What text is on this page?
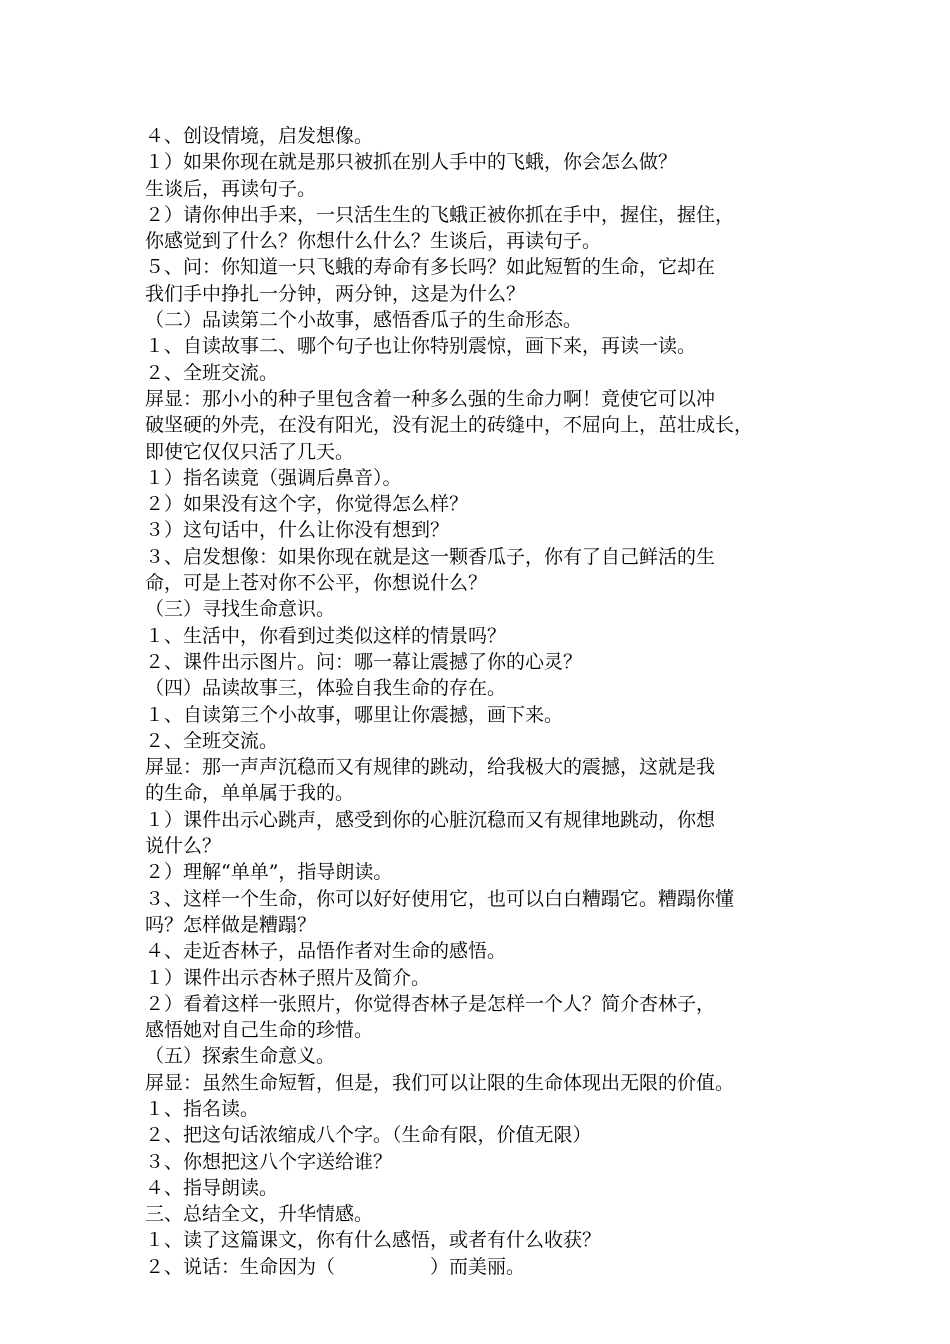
４、创设情境，启发想像。
１）如果你现在就是那只被抓在别人手中的飞蛾，你会怎么做？
生谈后，再读句子。
２）请你伸出手来，一只活生生的飞蛾正被你抓在手中，握住，握住，
你感觉到了什么？你想什么什么？生谈后，再读句子。
５、问：你知道一只飞蛾的寿命有多长吗？如此短暂的生命，它却在
我们手中挣扎一分钟，两分钟，这是为什么？
（二）品读第二个小故事，感悟香瓜子的生命形态。
１、自读故事二、哪个句子也让你特别震惊，画下来，再读一读。
２、全班交流。
屏显：那小小的种子里包含着一种多么强的生命力啊！竟使它可以冲
破坚硬的外壳，在没有阳光，没有泥土的砖缝中，不屈向上，茁壮成长，
即使它仅仅只活了几天。
１）指名读竟（强调后鼻音）。
２）如果没有这个字，你觉得怎么样？
３）这句话中，什么让你没有想到？
３、启发想像：如果你现在就是这一颗香瓜子，你有了自己鲜活的生
命，可是上苍对你不公平，你想说什么？
（三）寻找生命意识。
１、生活中，你看到过类似这样的情景吗？
２、课件出示图片。问：哪一幕让震撼了你的心灵？
（四）品读故事三，体验自我生命的存在。
１、自读第三个小故事，哪里让你震撼，画下来。
２、全班交流。
屏显：那一声声沉稳而又有规律的跳动，给我极大的震撼，这就是我
的生命，单单属于我的。
１）课件出示心跳声，感受到你的心脏沉稳而又有规律地跳动，你想
说什么？
２）理解“单单”，指导朗读。
３、这样一个生命，你可以好好使用它，也可以白白糟蹋它。糟蹋你懂
吗？怎样做是糟蹋？
４、走近杏林子，品悟作者对生命的感悟。
１）课件出示杏林子照片及简介。
２）看着这样一张照片，你觉得杏林子是怎样一个人？简介杏林子，
感悟她对自己生命的珍惜。
（五）探索生命意义。
屏显：虽然生命短暂，但是，我们可以让限的生命体现出无限的价值。
１、指名读。
２、把这句话浓缩成八个字。（生命有限，价值无限）
３、你想把这八个字送给谁？
４、指导朗读。
三、总结全文，升华情感。
１、读了这篇课文，你有什么感悟，或者有什么收获？
２、说话：生命因为（　　　　　）而美丽。
